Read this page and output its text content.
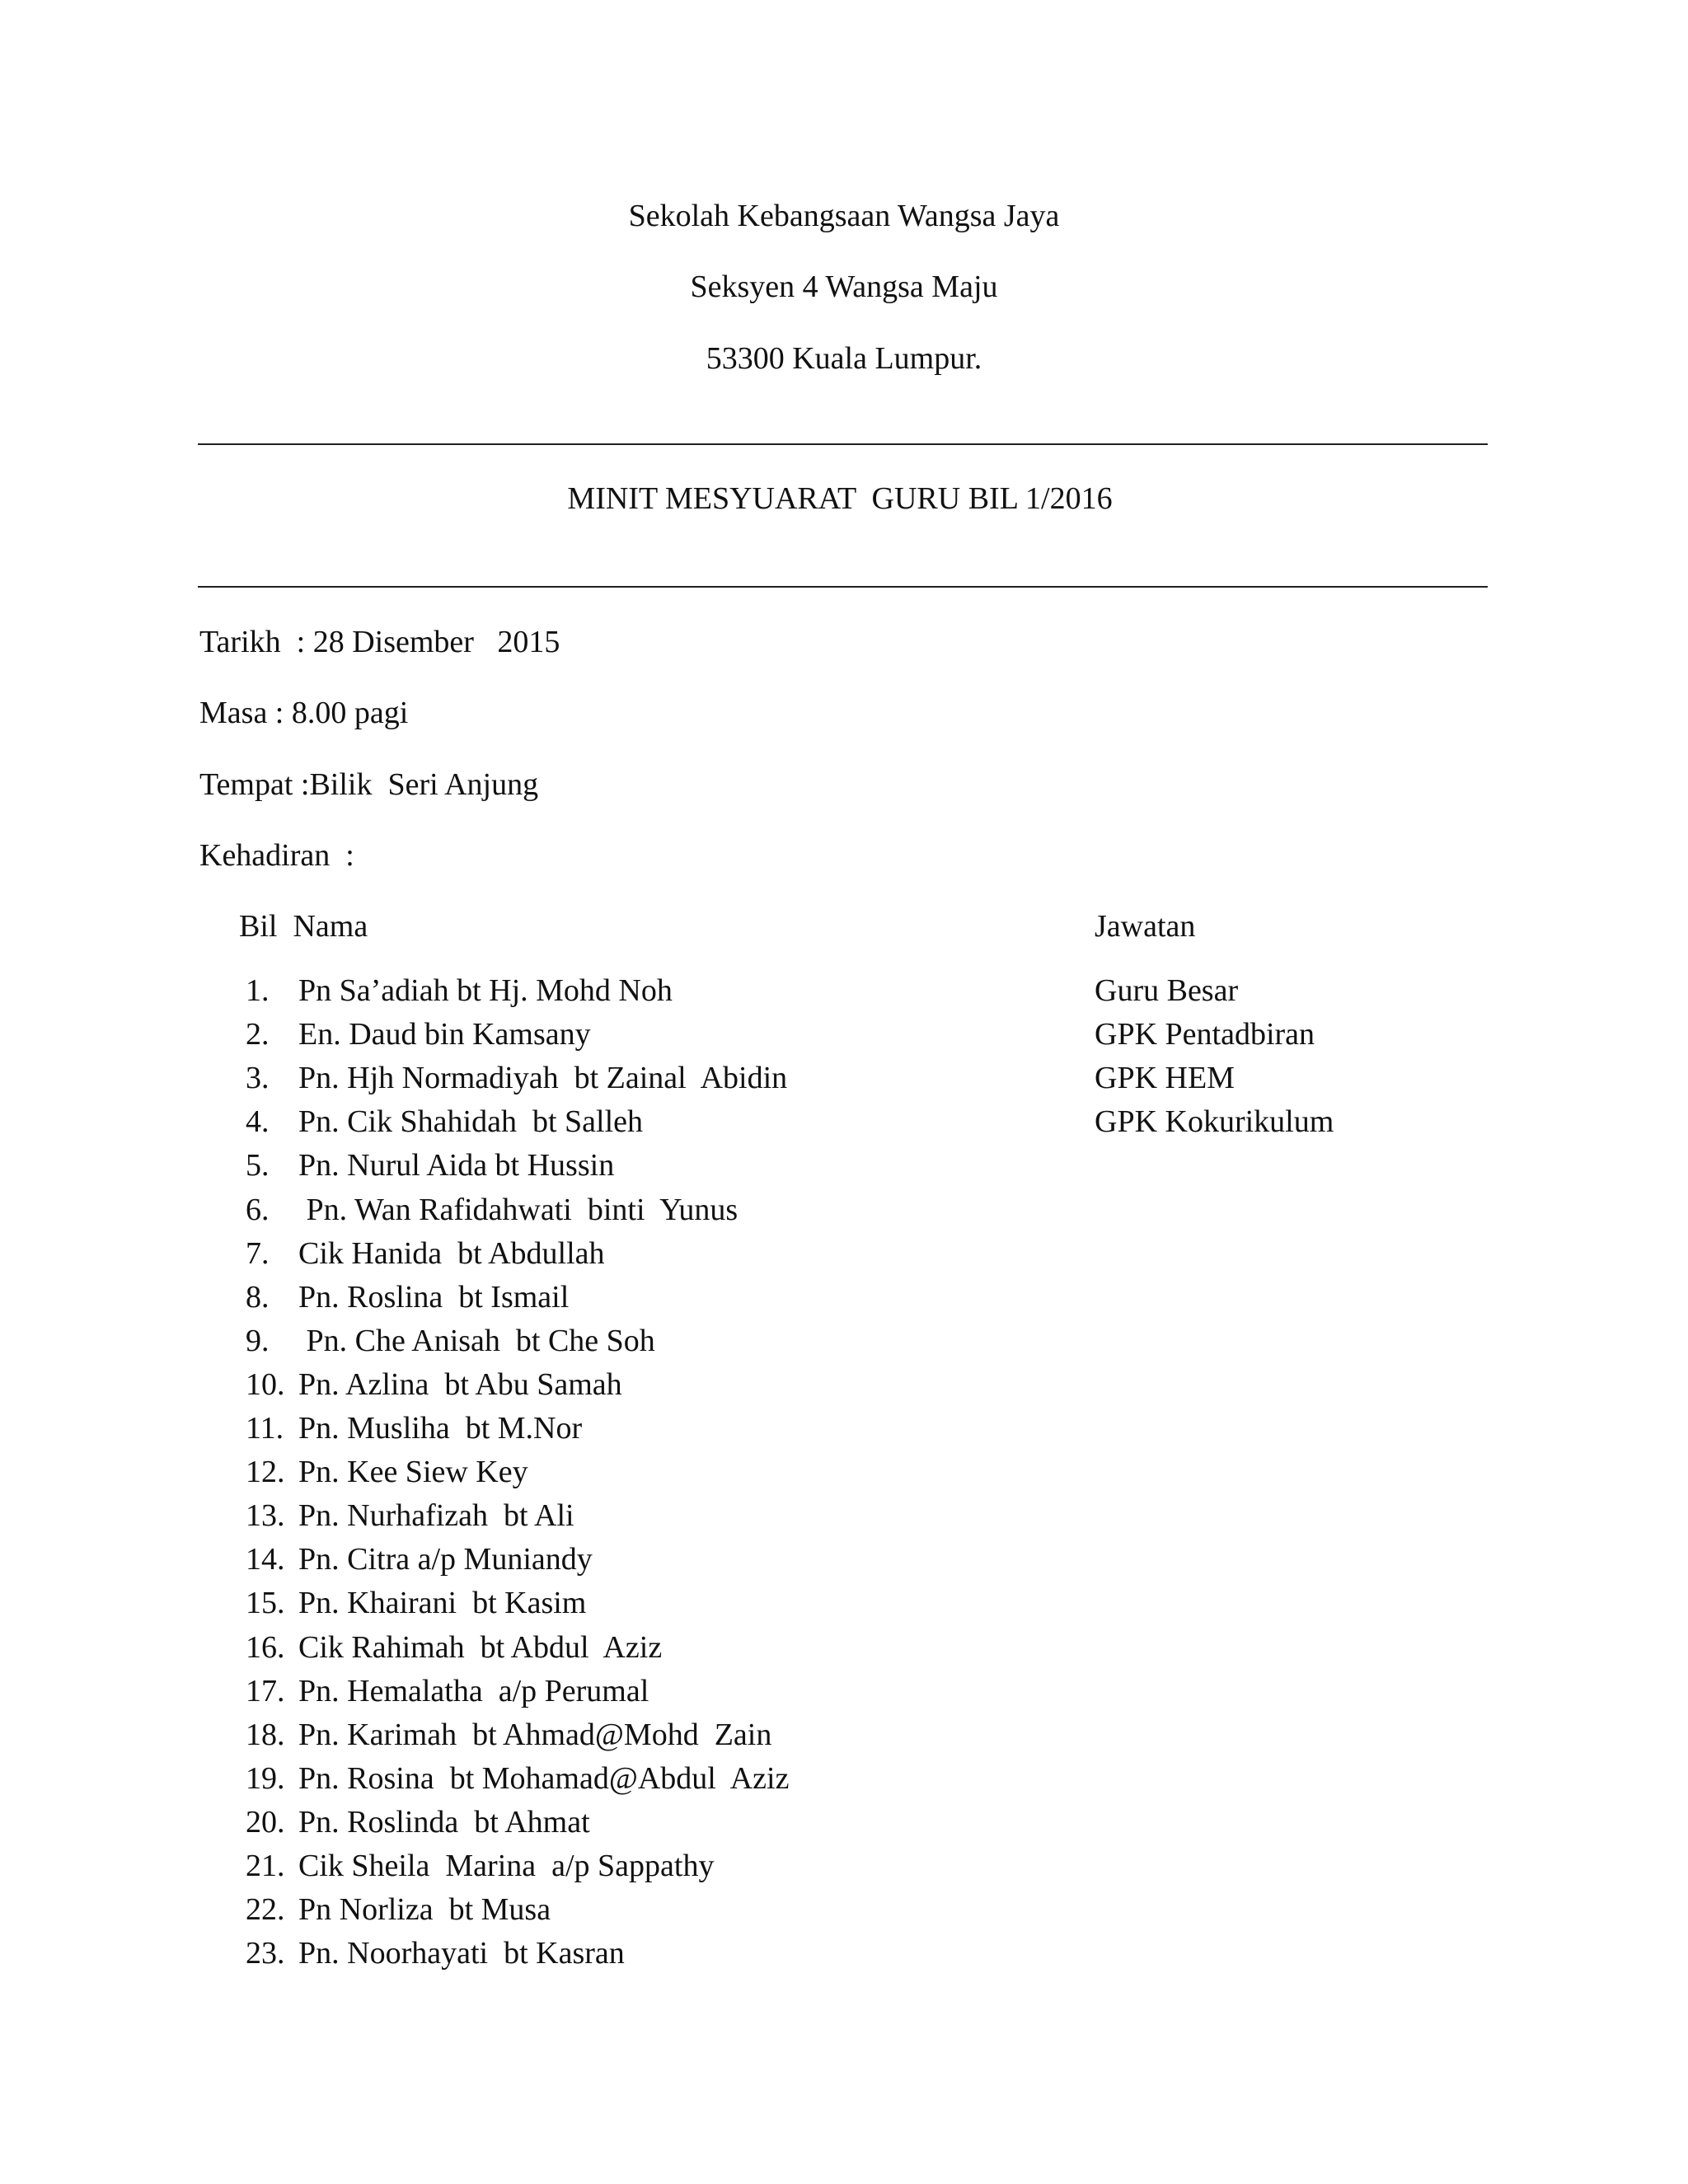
Sekolah Kebangsaan Wangsa Jaya
Seksyen 4 Wangsa Maju
53300 Kuala Lumpur.
MINIT MESYUARAT  GURU BIL 1/2016
Tarikh  : 28 Disember   2015
Masa : 8.00 pagi
Tempat :Bilik  Seri Anjung
Kehadiran  :
Bil  Nama	Jawatan
1. Pn Sa’adiah bt Hj. Mohd Noh	Guru Besar
2. En. Daud bin Kamsany	GPK Pentadbiran
3. Pn. Hjh Normadiyah  bt Zainal  Abidin	GPK HEM
4. Pn. Cik Shahidah  bt Salleh	GPK Kokurikulum
5. Pn. Nurul Aida bt Hussin
6. Pn. Wan Rafidahwati  binti  Yunus
7. Cik Hanida  bt Abdullah
8. Pn. Roslina  bt Ismail
9. Pn. Che Anisah  bt Che Soh
10. Pn. Azlina  bt Abu Samah
11. Pn. Musliha  bt M.Nor
12. Pn. Kee Siew Key
13. Pn. Nurhafizah  bt Ali
14. Pn. Citra a/p Muniandy
15. Pn. Khairani  bt Kasim
16. Cik Rahimah  bt Abdul  Aziz
17. Pn. Hemalatha  a/p Perumal
18. Pn. Karimah  bt Ahmad@Mohd  Zain
19. Pn. Rosina  bt Mohamad@Abdul  Aziz
20. Pn. Roslinda  bt Ahmat
21. Cik Sheila  Marina  a/p Sappathy
22. Pn Norliza  bt Musa
23. Pn. Noorhayati  bt Kasran
